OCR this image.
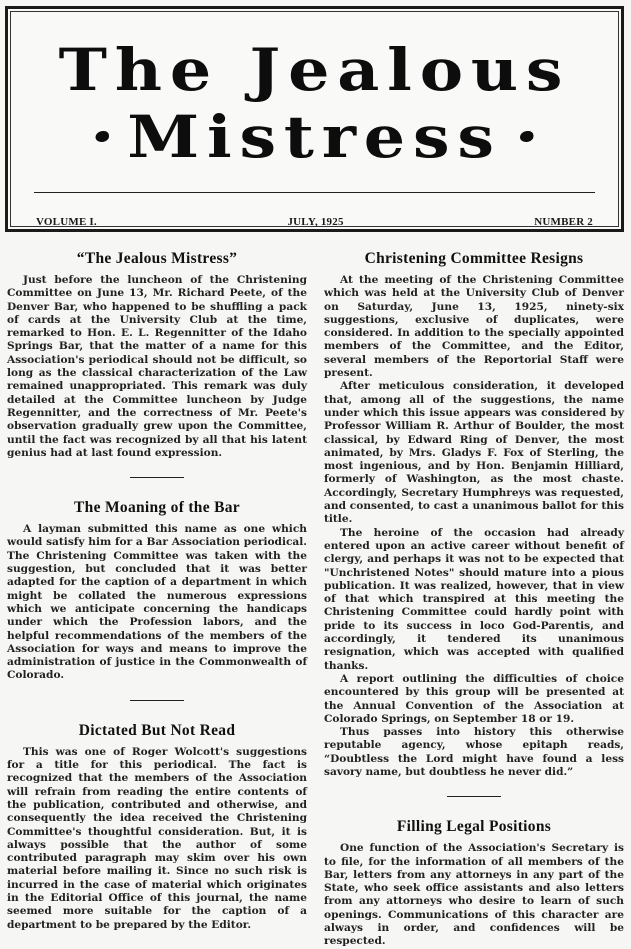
The Jealous
Mistress
VOLUME I.	JULY, 1925	NUMBER 2
“The Jealous Mistress”

Just before the luncheon of the Christening Committee on June 13, Mr. Richard Peete, of the Denver Bar, who happened to be shuffling a pack of cards at the University Club at the time, remarked to Hon. E. L. Regennitter of the Idaho Springs Bar, that the matter of a name for this Association's periodical should not be difficult, so long as the classical characterization of the Law remained unappropriated. This remark was duly detailed at the Committee luncheon by Judge Regennitter, and the correctness of Mr. Peete's observation gradually grew upon the Committee, until the fact was recognized by all that his latent genius had at last found expression.

The Moaning of the Bar

A layman submitted this name as one which would satisfy him for a Bar Association periodical. The Christening Committee was taken with the suggestion, but concluded that it was better adapted for the caption of a department in which might be collated the numerous expressions which we anticipate concerning the handicaps under which the Profession labors, and the helpful recommendations of the members of the Association for ways and means to improve the administration of justice in the Commonwealth of Colorado.

Dictated But Not Read

This was one of Roger Wolcott's suggestions for a title for this periodical. The fact is recognized that the members of the Association will refrain from reading the entire contents of the publication, contributed and otherwise, and consequently the idea received the Christening Committee's thoughtful consideration. But, it is always possible that the author of some contributed paragraph may skim over his own material before mailing it. Since no such risk is incurred in the case of material which originates in the Editorial Office of this journal, the name seemed more suitable for the caption of a department to be prepared by the Editor.

Christening Committee Resigns

At the meeting of the Christening Committee which was held at the University Club of Denver on Saturday, June 13, 1925, ninety-six suggestions, exclusive of duplicates, were considered. In addition to the specially appointed members of the Committee, and the Editor, several members of the Reportorial Staff were present.

After meticulous consideration, it developed that, among all of the suggestions, the name under which this issue appears was considered by Professor William R. Arthur of Boulder, the most classical, by Edward Ring of Denver, the most animated, by Mrs. Gladys F. Fox of Sterling, the most ingenious, and by Hon. Benjamin Hilliard, formerly of Washington, as the most chaste. Accordingly, Secretary Humphreys was requested, and consented, to cast a unanimous ballot for this title.

The heroine of the occasion had already entered upon an active career without benefit of clergy, and perhaps it was not to be expected that "Unchristened Notes" should mature into a pious publication. It was realized, however, that in view of that which transpired at this meeting the Christening Committee could hardly point with pride to its success in loco God-Parentis, and accordingly, it tendered its unanimous resignation, which was accepted with qualified thanks.

A report outlining the difficulties of choice encountered by this group will be presented at the Annual Convention of the Association at Colorado Springs, on September 18 or 19.

Thus passes into history this otherwise reputable agency, whose epitaph reads, “Doubtless the Lord might have found a less savory name, but doubtless he never did.”

Filling Legal Positions

One function of the Association's Secretary is to file, for the information of all members of the Bar, letters from any attorneys in any part of the State, who seek office assistants and also letters from any attorneys who desire to learn of such openings. Communications of this character are always in order, and confidences will be respected.
